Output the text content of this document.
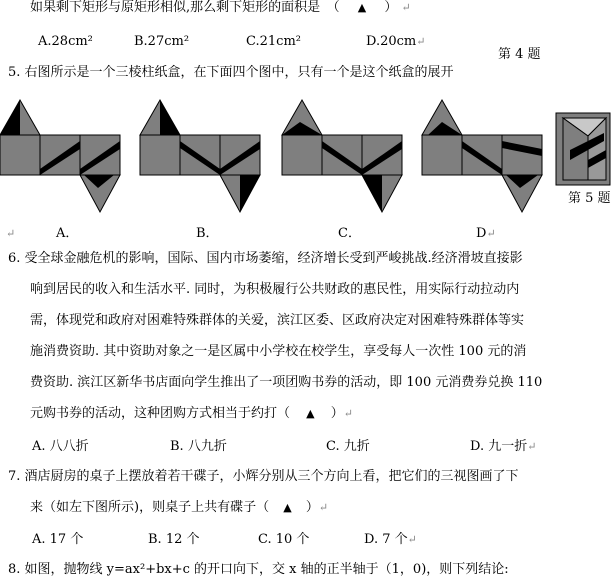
如果剩下矩形与原矩形相似,那么剩下矩形的面积是　（ ▲ ） ↵
A.28cm²	B.27cm²	C.21cm²	D.20cm↵
第 4 题
5. 右图所示是一个三棱柱纸盒，在下面四个图中，只有一个是这个纸盒的展开
第 5 题
↵	A．	B．	C．	D↵
6. 受全球金融危机的影响，国际、国内市场萎缩，经济增长受到严峻挑战.经济滑坡直接影
响到居民的收入和生活水平. 同时，为积极履行公共财政的惠民性，用实际行动拉动内
需，体现党和政府对困难特殊群体的关爱，滨江区委、区政府决定对困难特殊群体等实
施消费资助. 其中资助对象之一是区属中小学校在校学生，享受每人一次性 100 元的消
费资助. 滨江区新华书店面向学生推出了一项团购书券的活动，即 100 元消费券兑换 110
元购书券的活动，这种团购方式相当于约打（ ▲ ）↵
A. 八八折	B. 八九折	C. 九折	D. 九一折↵
7. 酒店厨房的桌子上摆放着若干碟子，小辉分别从三个方向上看，把它们的三视图画了下
来（如左下图所示)，则桌子上共有碟子（ ▲ ）↵
A. 17 个	B. 12 个	C. 10 个	D. 7 个↵
8. 如图，抛物线 y=ax²+bx+c 的开口向下，交 x 轴的正半轴于（1，0)，则下列结论:
